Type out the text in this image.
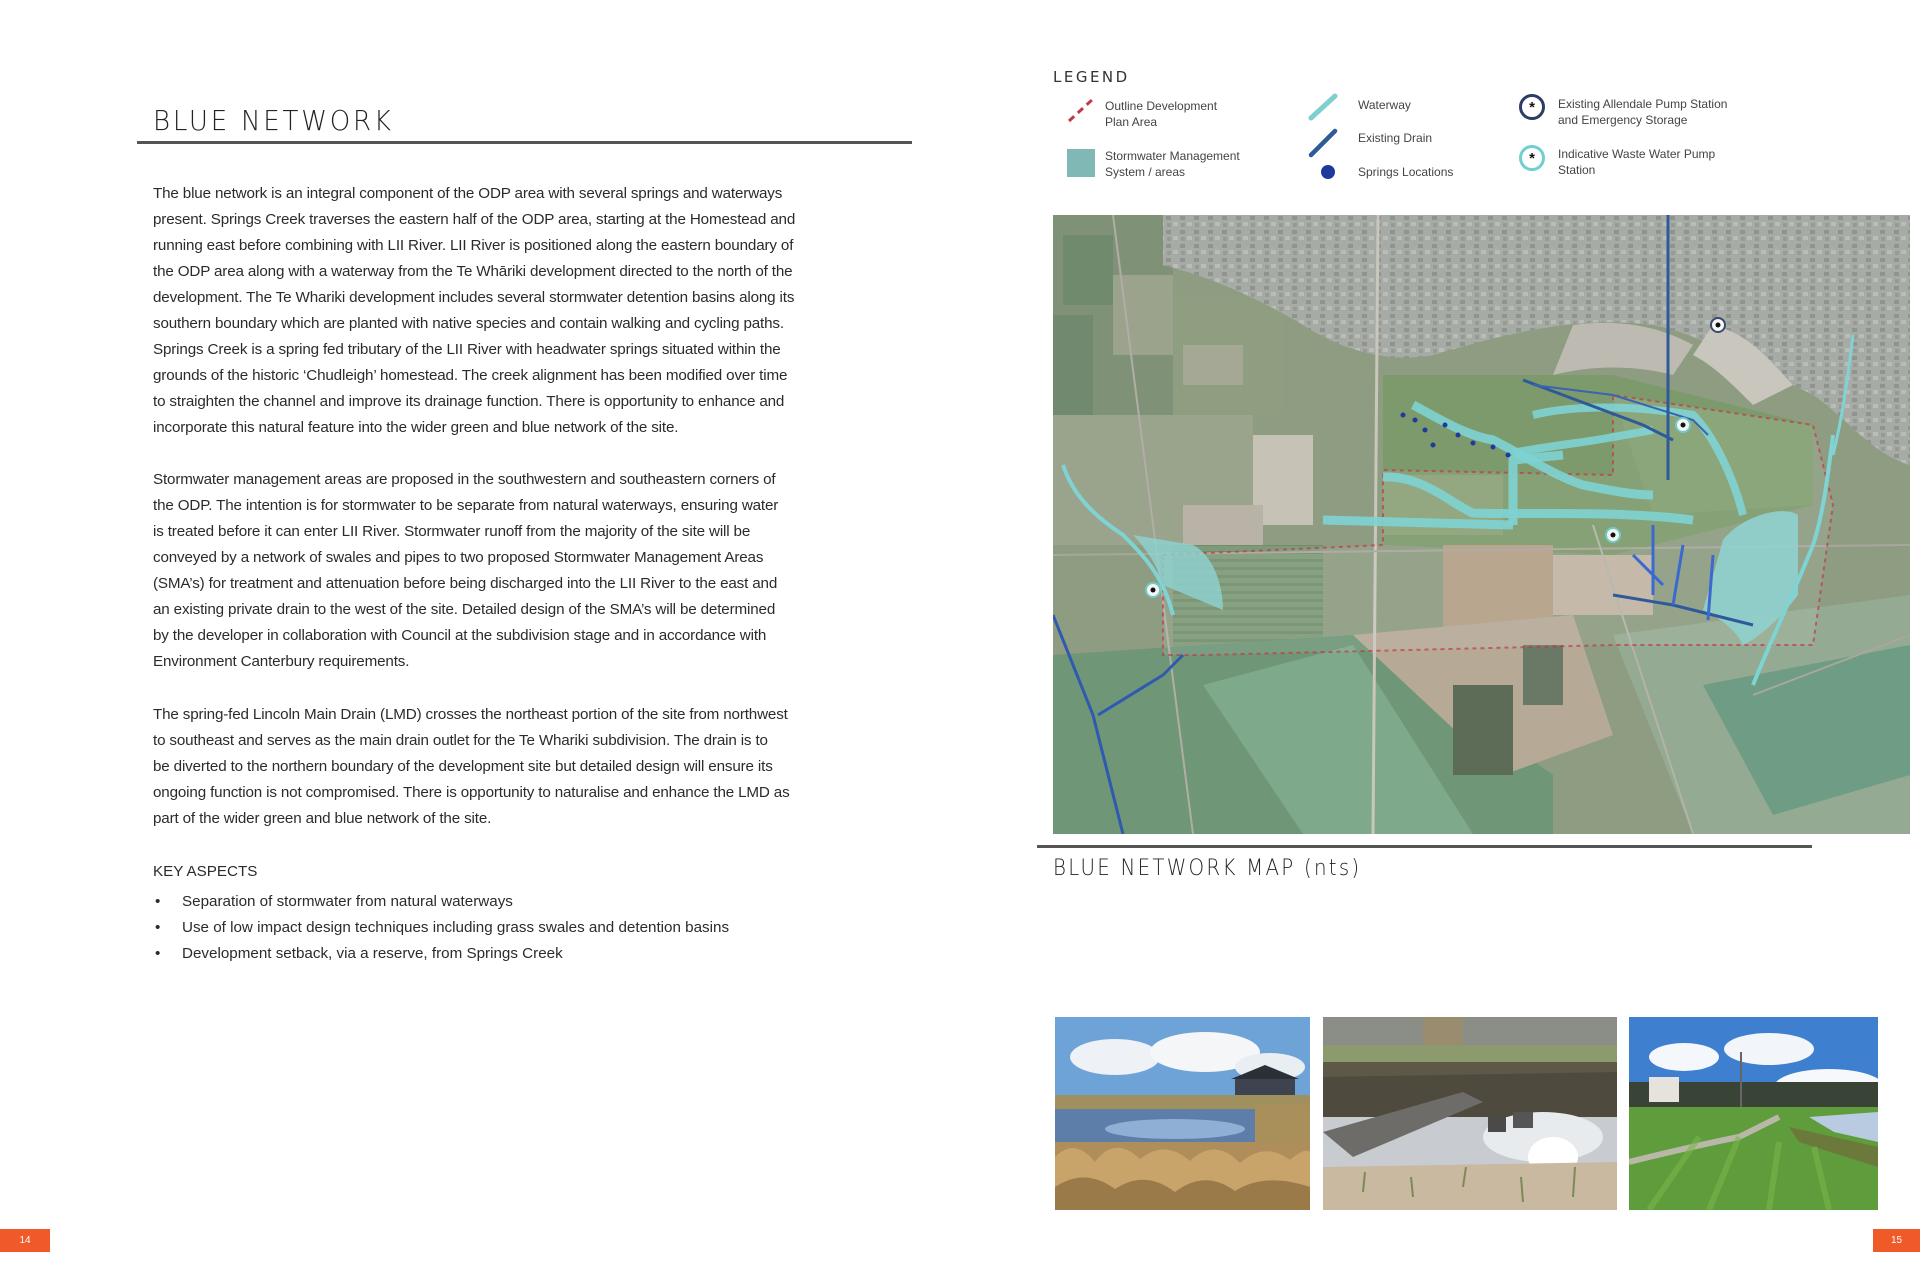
BLUE NETWORK

The blue network is an integral component of the ODP area with several springs and waterways

present. Springs Creek traverses the eastern half of the ODP area, starting at the Homestead and

running east before combining with LII River. LII River is positioned along the eastern boundary of

the ODP area along with a waterway from the Te Whāriki development directed to the north of the

development. The Te Whariki development includes several stormwater detention basins along its

southern boundary which are planted with native species and contain walking and cycling paths.

Springs Creek is a spring fed tributary of the LII River with headwater springs situated within the

grounds of the historic ‘Chudleigh’ homestead. The creek alignment has been modified over time

to straighten the channel and improve its drainage function. There is opportunity to enhance and

incorporate this natural feature into the wider green and blue network of the site.

Stormwater management areas are proposed in the southwestern and southeastern corners of

the ODP. The intention is for stormwater to be separate from natural waterways, ensuring water

is treated before it can enter LII River. Stormwater runoff from the majority of the site will be

conveyed by a network of swales and pipes to two proposed Stormwater Management Areas

(SMA’s) for treatment and attenuation before being discharged into the LII River to the east and

an existing private drain to the west of the site. Detailed design of the SMA’s will be determined

by the developer in collaboration with Council at the subdivision stage and in accordance with

Environment Canterbury requirements.

The spring-fed Lincoln Main Drain (LMD) crosses the northeast portion of the site from northwest

to southeast and serves as the main drain outlet for the Te Whariki subdivision. The drain is to

be diverted to the northern boundary of the development site but detailed design will ensure its

ongoing function is not compromised. There is opportunity to naturalise and enhance the LMD as

part of the wider green and blue network of the site.

KEY ASPECTS
• Separation of stormwater from natural waterways
• Use of low impact design techniques including grass swales and detention basins
• Development setback, via a reserve, from Springs Creek
14
LEGEND
Outline Development
Plan Area
Stormwater Management
System / areas
Waterway
Existing Drain
Springs Locations
* Existing Allendale Pump Station
and Emergency Storage
* Indicative Waste Water Pump
Station
BLUE NETWORK MAP (nts)
15
